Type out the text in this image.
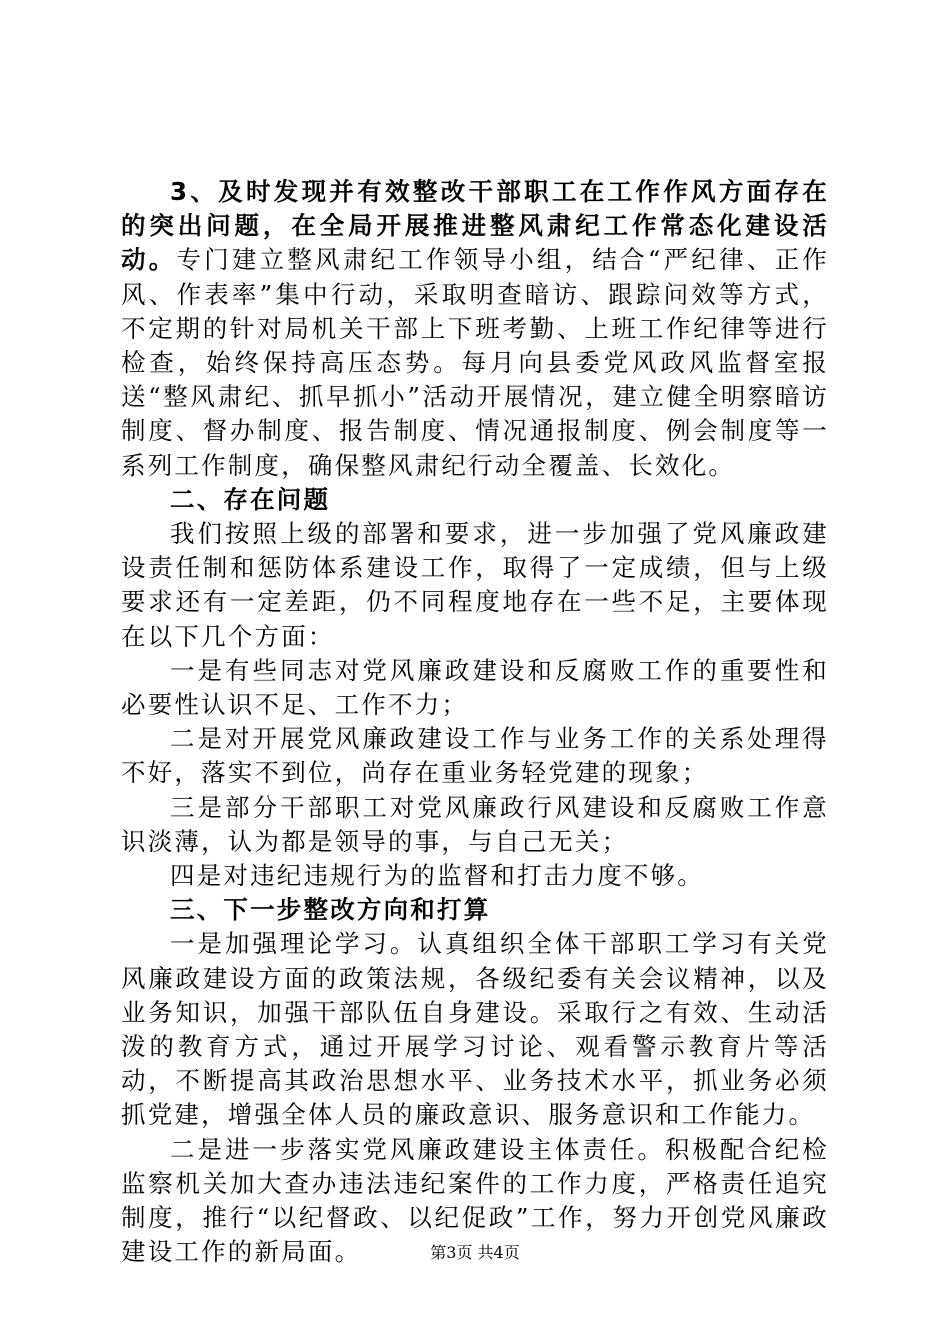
3、及时发现并有效整改干部职工在工作作风方面存在的突出问题，在全局开展推进整风肃纪工作常态化建设活动。专门建立整风肃纪工作领导小组，结合“严纪律、正作风、作表率”集中行动，采取明查暗访、跟踪问效等方式，不定期的针对局机关干部上下班考勤、上班工作纪律等进行检查，始终保持高压态势。每月向县委党风政风监督室报送“整风肃纪、抓早抓小”活动开展情况，建立健全明察暗访制度、督办制度、报告制度、情况通报制度、例会制度等一系列工作制度，确保整风肃纪行动全覆盖、长效化。

二、存在问题

我们按照上级的部署和要求，进一步加强了党风廉政建设责任制和惩防体系建设工作，取得了一定成绩，但与上级要求还有一定差距，仍不同程度地存在一些不足，主要体现在以下几个方面：

一是有些同志对党风廉政建设和反腐败工作的重要性和必要性认识不足、工作不力；

二是对开展党风廉政建设工作与业务工作的关系处理得不好，落实不到位，尚存在重业务轻党建的现象；

三是部分干部职工对党风廉政行风建设和反腐败工作意识淡薄，认为都是领导的事，与自己无关；

四是对违纪违规行为的监督和打击力度不够。

三、下一步整改方向和打算

一是加强理论学习。认真组织全体干部职工学习有关党风廉政建设方面的政策法规，各级纪委有关会议精神，以及业务知识，加强干部队伍自身建设。采取行之有效、生动活泼的教育方式，通过开展学习讨论、观看警示教育片等活动，不断提高其政治思想水平、业务技术水平，抓业务必须抓党建，增强全体人员的廉政意识、服务意识和工作能力。

二是进一步落实党风廉政建设主体责任。积极配合纪检监察机关加大查办违法违纪案件的工作力度，严格责任追究制度，推行“以纪督政、以纪促政”工作，努力开创党风廉政建设工作的新局面。	第3页 共4页
